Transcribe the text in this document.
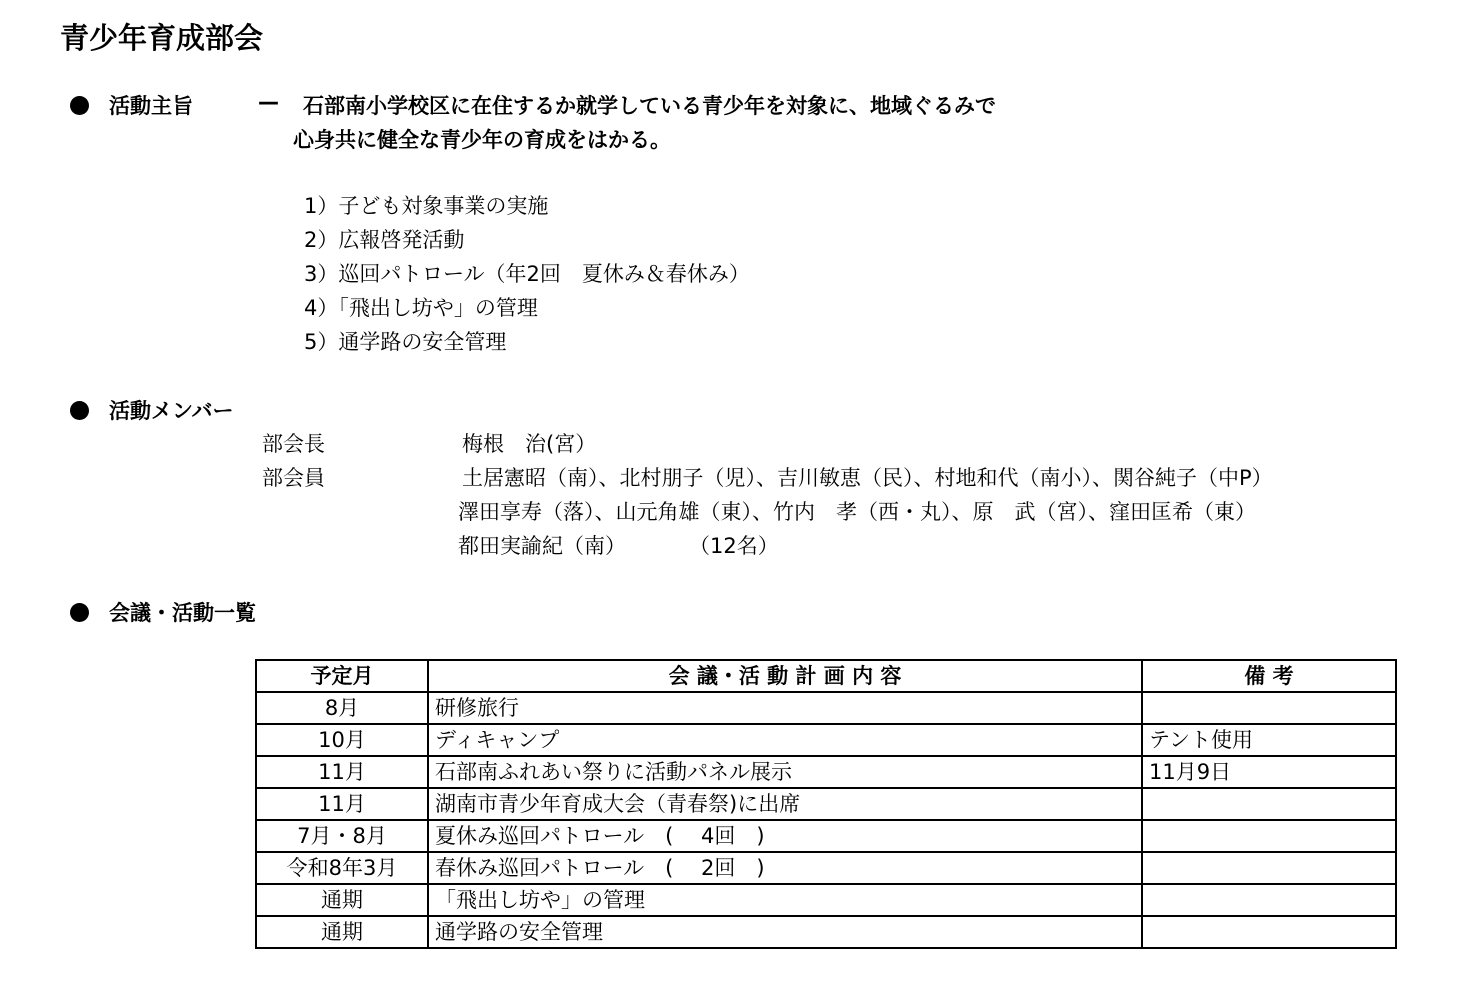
青少年育成部会
活動主旨	— 石部南小学校区に在住するか就学している青少年を対象に、地域ぐるみで
心身共に健全な青少年の育成をはかる。
1）子ども対象事業の実施
2）広報啓発活動
3）巡回パトロール（年2回　夏休み＆春休み）
4）「飛出し坊や」の管理
5）通学路の安全管理
活動メンバー
部会長	梅根　治(宮）
部会員	土居憲昭（南）、北村朋子（児）、吉川敏恵（民）、村地和代（南小）、関谷純子（中P）
澤田享寿（落）、山元角雄（東）、竹内　孝（西・丸）、原　武（宮）、窪田匡希（東）
都田実諭紀（南）　　　　（12名）
会議・活動一覧
予定月	会 議・活 動 計 画 内 容	備 考
8月	研修旅行	
10月	ディキャンプ	テント使用
11月	石部南ふれあい祭りに活動パネル展示	11月9日
11月	湖南市青少年育成大会（青春祭)に出席	
7月・8月	夏休み巡回パトロール　(　 4回　)	
令和8年3月	春休み巡回パトロール　(　 2回　)	
通期	「飛出し坊や」の管理	
通期	通学路の安全管理	
